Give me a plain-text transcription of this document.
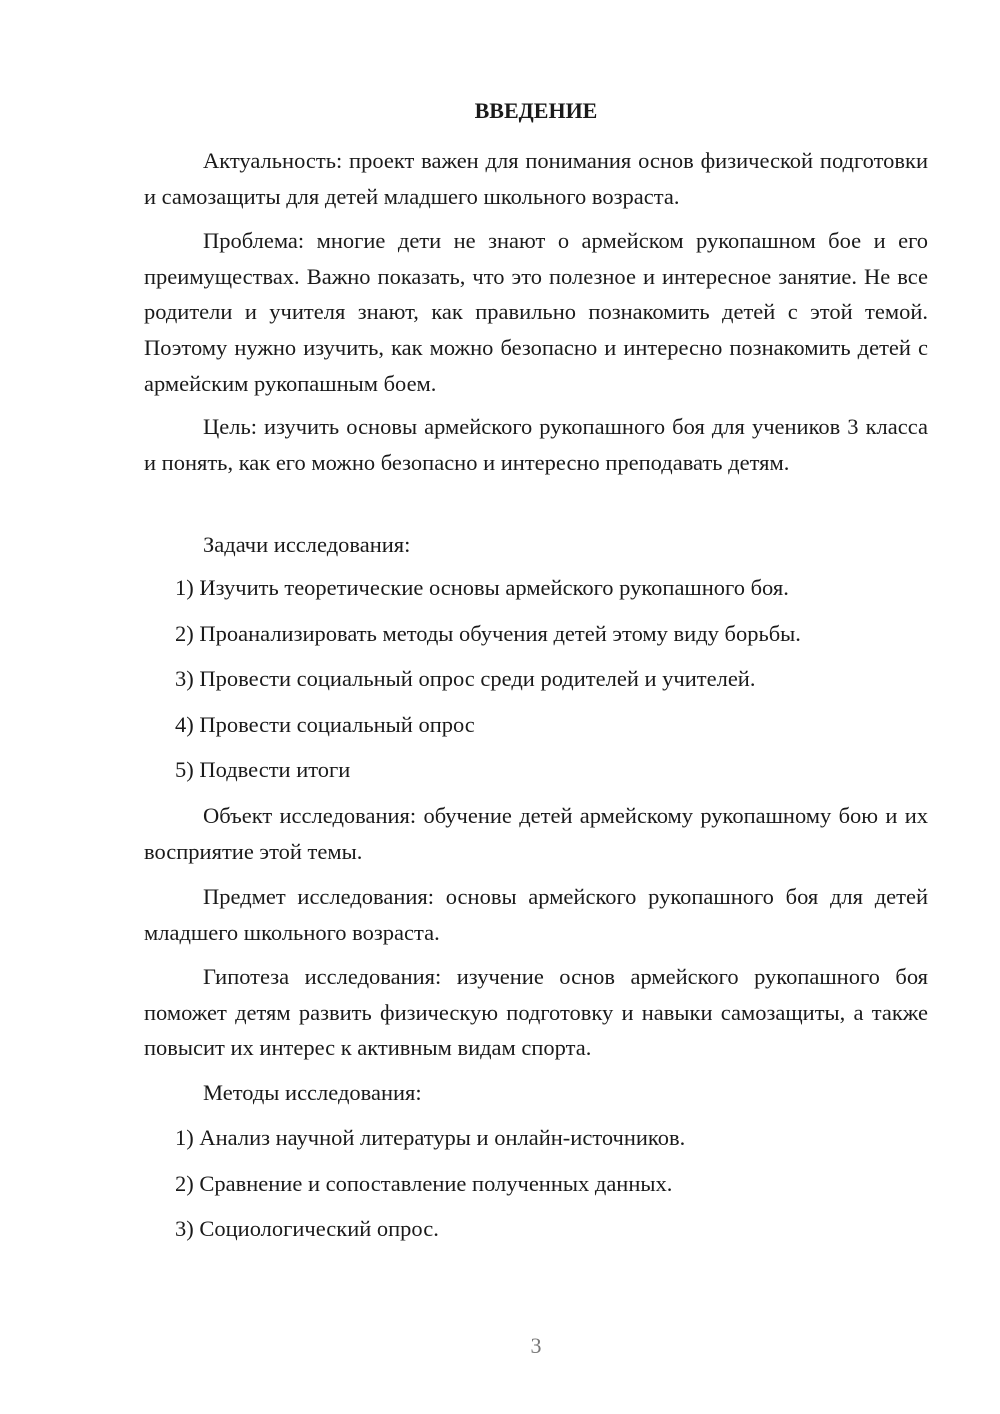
ВВЕДЕНИЕ

Актуальность: проект важен для понимания основ физической подготовки и самозащиты для детей младшего школьного возраста.

Проблема: многие дети не знают о армейском рукопашном бое и его преимуществах. Важно показать, что это полезное и интересное занятие. Не все родители и учителя знают, как правильно познакомить детей с этой темой. Поэтому нужно изучить, как можно безопасно и интересно познакомить детей с армейским рукопашным боем.

Цель: изучить основы армейского рукопашного боя для учеников 3 класса и понять, как его можно безопасно и интересно преподавать детям.

Задачи исследования:

1) Изучить теоретические основы армейского рукопашного боя.

2) Проанализировать методы обучения детей этому виду борьбы.

3) Провести социальный опрос среди родителей и учителей.

4) Провести социальный опрос

5) Подвести итоги

Объект исследования: обучение детей армейскому рукопашному бою и их восприятие этой темы.

Предмет исследования: основы армейского рукопашного боя для детей младшего школьного возраста.

Гипотеза исследования: изучение основ армейского рукопашного боя поможет детям развить физическую подготовку и навыки самозащиты, а также повысит их интерес к активным видам спорта.

Методы исследования:

1) Анализ научной литературы и онлайн-источников.

2) Сравнение и сопоставление полученных данных.

3) Социологический опрос.

3
